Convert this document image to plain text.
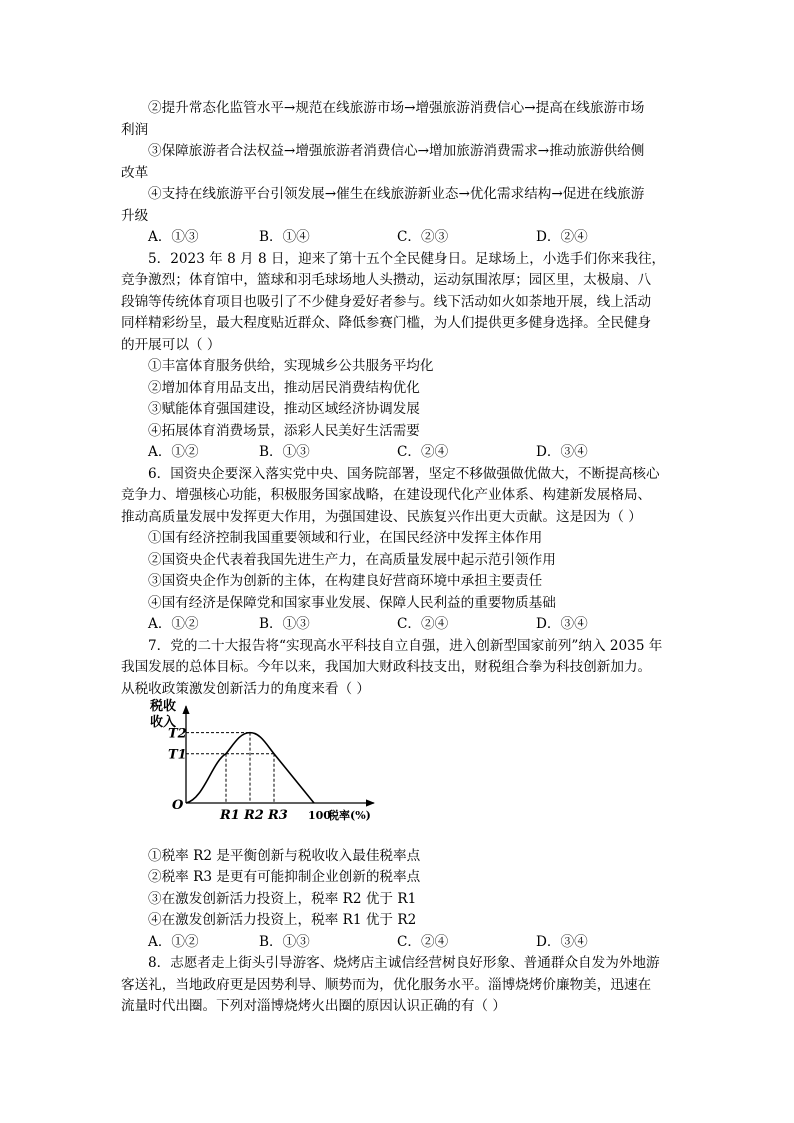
②提升常态化监管水平→规范在线旅游市场→增强旅游消费信心→提高在线旅游市场
利润
③保障旅游者合法权益→增强旅游者消费信心→增加旅游消费需求→推动旅游供给侧
改革
④支持在线旅游平台引领发展→催生在线旅游新业态→优化需求结构→促进在线旅游
升级
A．①③	B．①④	C．②③	D．②④
5．2023 年 8 月 8 日，迎来了第十五个全民健身日。足球场上，小选手们你来我往，
竞争激烈；体育馆中，篮球和羽毛球场地人头攒动，运动氛围浓厚；园区里，太极扇、八
段锦等传统体育项目也吸引了不少健身爱好者参与。线下活动如火如荼地开展，线上活动
同样精彩纷呈，最大程度贴近群众、降低参赛门槛，为人们提供更多健身选择。全民健身
的开展可以（ ）
①丰富体育服务供给，实现城乡公共服务平均化
②增加体育用品支出，推动居民消费结构优化
③赋能体育强国建设，推动区域经济协调发展
④拓展体育消费场景，添彩人民美好生活需要
A．①②	B．①③	C．②④	D．③④
6．国资央企要深入落实党中央、国务院部署，坚定不移做强做优做大，不断提高核心
竞争力、增强核心功能，积极服务国家战略，在建设现代化产业体系、构建新发展格局、
推动高质量发展中发挥更大作用，为强国建设、民族复兴作出更大贡献。这是因为（ ）
①国有经济控制我国重要领域和行业，在国民经济中发挥主体作用
②国资央企代表着我国先进生产力，在高质量发展中起示范引领作用
③国资央企作为创新的主体，在构建良好营商环境中承担主要责任
④国有经济是保障党和国家事业发展、保障人民利益的重要物质基础
A．①②	B．①③	C．②④	D．③④
7．党的二十大报告将“实现高水平科技自立自强，进入创新型国家前列”纳入 2035 年
我国发展的总体目标。今年以来，我国加大财政科技支出，财税组合拳为科技创新加力。
从税收政策激发创新活力的角度来看（ ）
税收
收入
O
T1
T2
R1 R2 R3 100
税率(%)
①税率 R2 是平衡创新与税收收入最佳税率点
②税率 R3 是更有可能抑制企业创新的税率点
③在激发创新活力投资上，税率 R2 优于 R1
④在激发创新活力投资上，税率 R1 优于 R2
A．①②	B．①③	C．②④	D．③④
8．志愿者走上街头引导游客、烧烤店主诚信经营树良好形象、普通群众自发为外地游
客送礼，当地政府更是因势利导、顺势而为，优化服务水平。淄博烧烤价廉物美，迅速在
流量时代出圈。下列对淄博烧烤火出圈的原因认识正确的有（ ）
